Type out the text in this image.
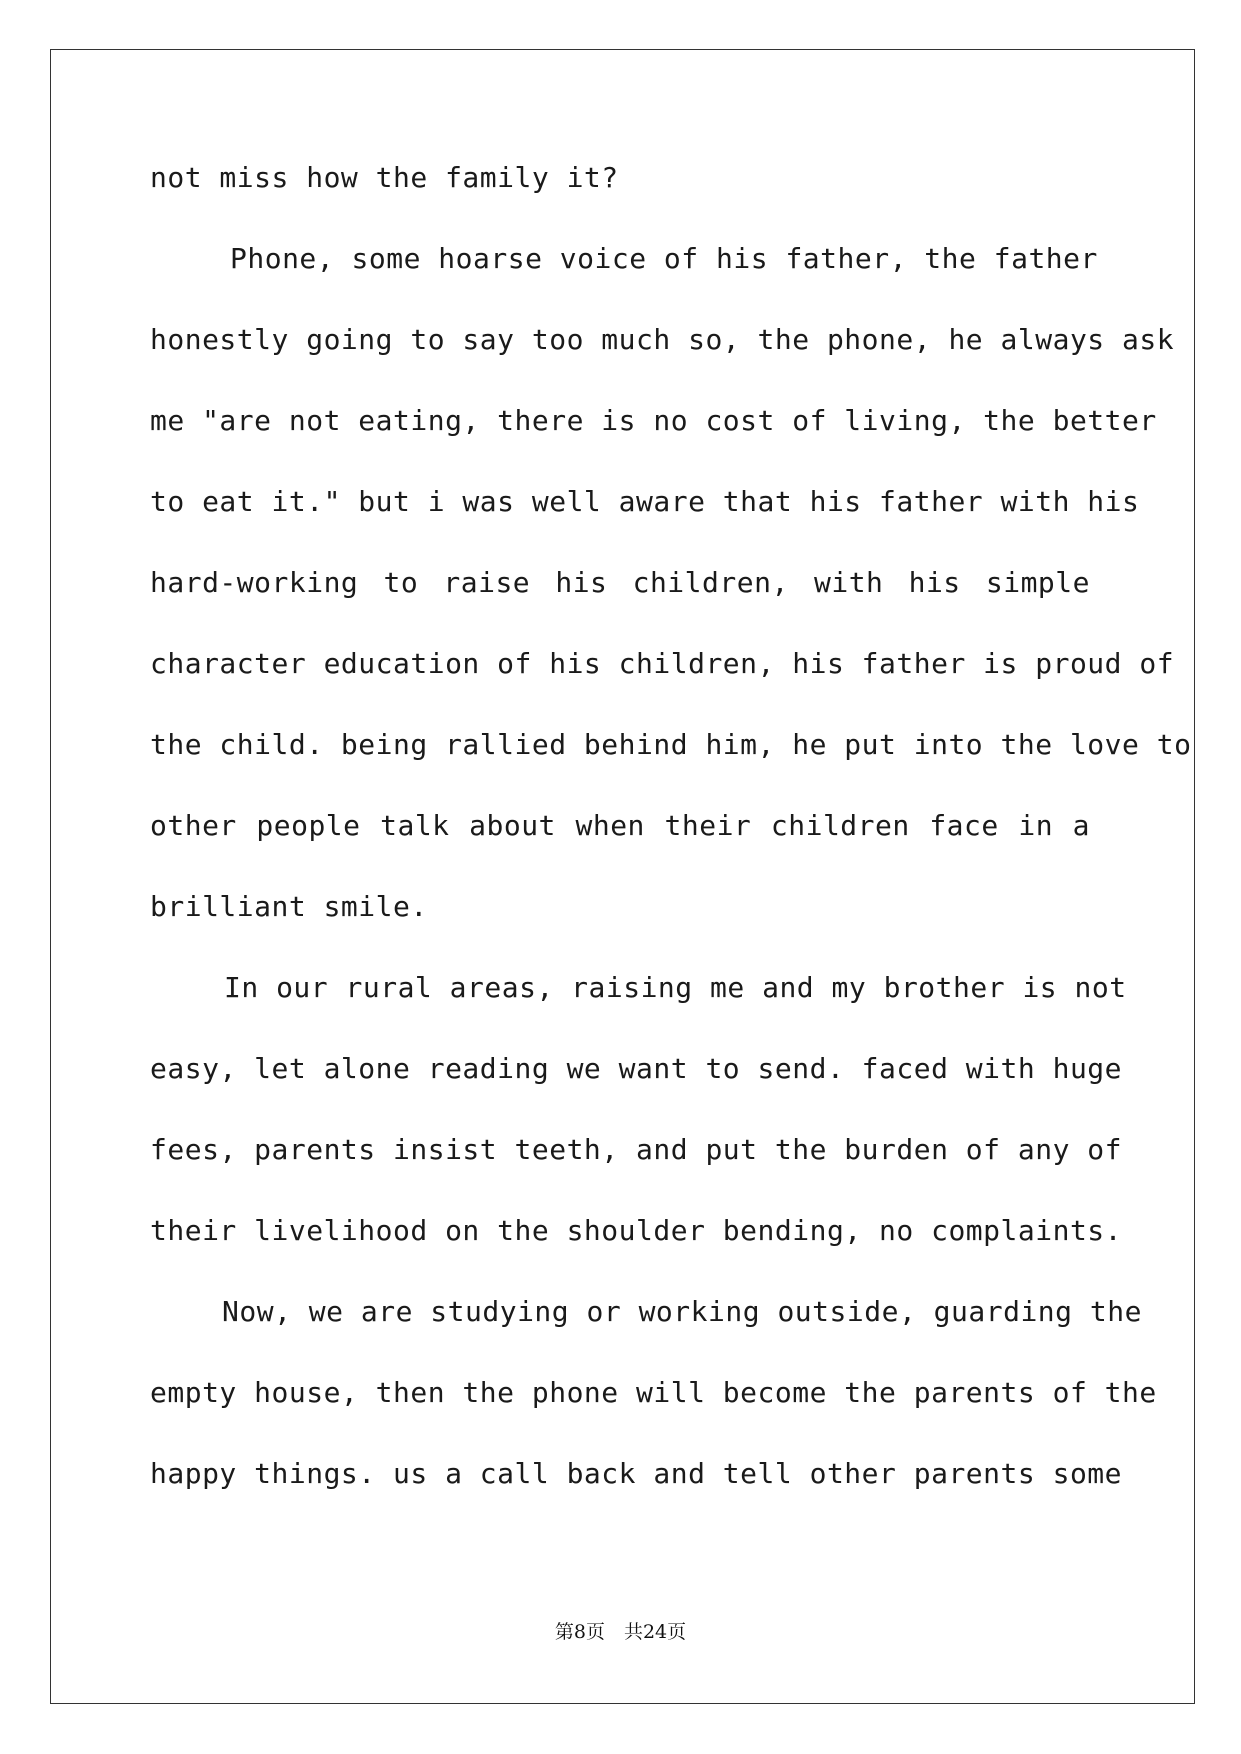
not miss how the family it?
Phone, some hoarse voice of his father, the father
honestly going to say too much so, the phone, he always ask
me "are not eating, there is no cost of living, the better
to eat it." but i was well aware that his father with his
hard-working to raise his children, with his simple
character education of his children, his father is proud of
the child. being rallied behind him, he put into the love to
other people talk about when their children face in a
brilliant smile.
In our rural areas, raising me and my brother is not
easy, let alone reading we want to send. faced with huge
fees, parents insist teeth, and put the burden of any of
their livelihood on the shoulder bending, no complaints.
Now, we are studying or working outside, guarding the
empty house, then the phone will become the parents of the
happy things. us a call back and tell other parents some
第8页　共24页
